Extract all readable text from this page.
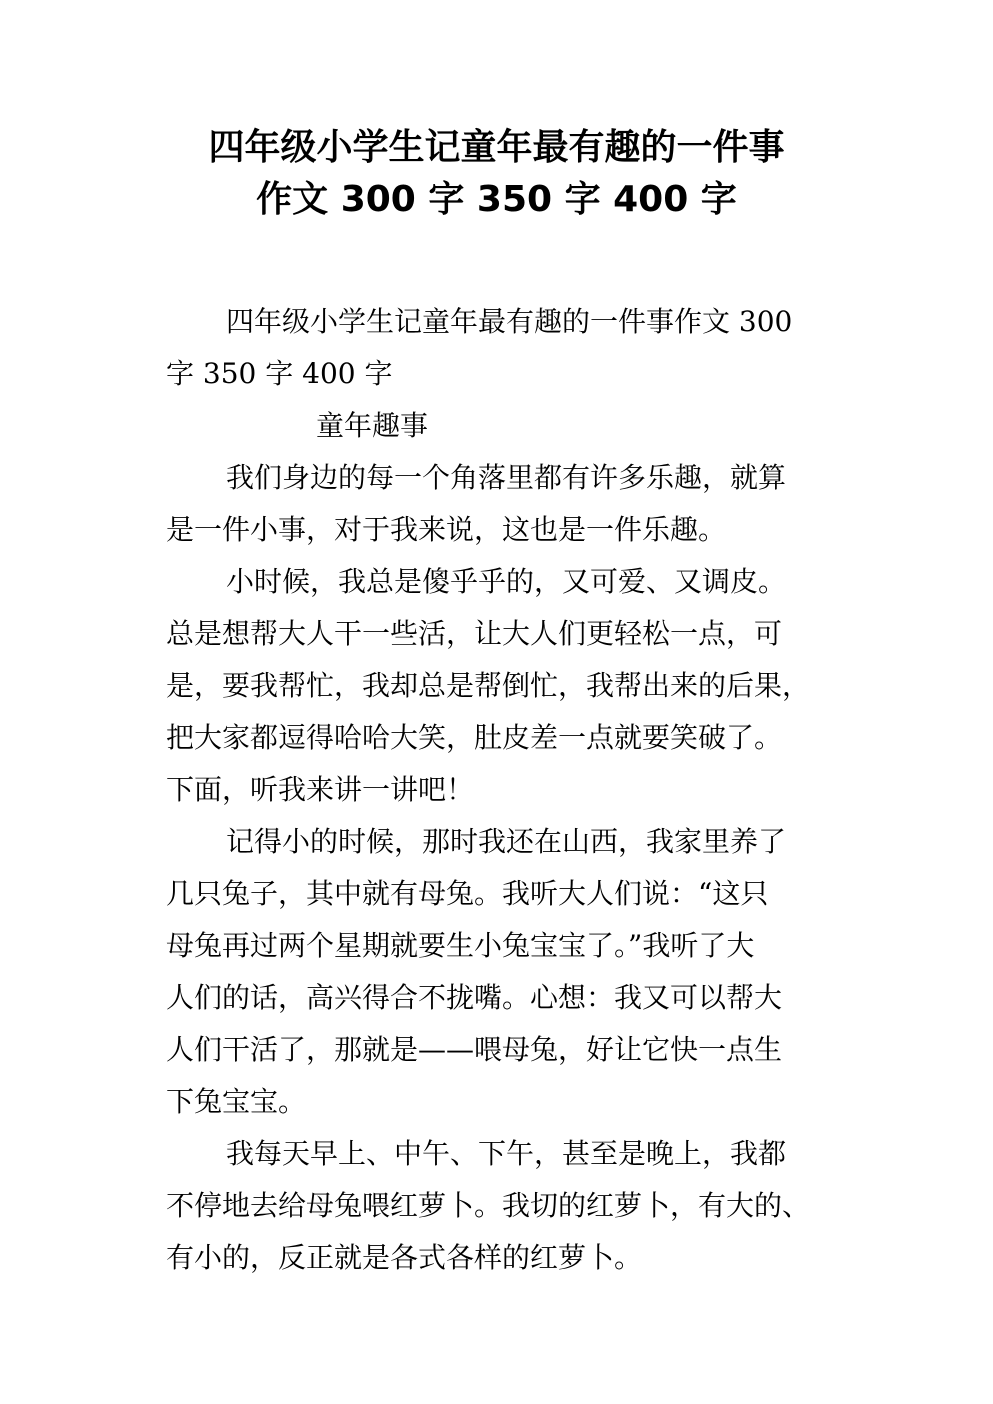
四年级小学生记童年最有趣的一件事
作文 300 字 350 字 400 字
四年级小学生记童年最有趣的一件事作文 300
字 350 字 400 字
童年趣事
我们身边的每一个角落里都有许多乐趣，就算
是一件小事，对于我来说，这也是一件乐趣。
小时候，我总是傻乎乎的，又可爱、又调皮。
总是想帮大人干一些活，让大人们更轻松一点，可
是，要我帮忙，我却总是帮倒忙，我帮出来的后果，
把大家都逗得哈哈大笑，肚皮差一点就要笑破了。
下面，听我来讲一讲吧！
记得小的时候，那时我还在山西，我家里养了
几只兔子，其中就有母兔。我听大人们说：“这只
母兔再过两个星期就要生小兔宝宝了。”我听了大
人们的话，高兴得合不拢嘴。心想：我又可以帮大
人们干活了，那就是——喂母兔，好让它快一点生
下兔宝宝。
我每天早上、中午、下午，甚至是晚上，我都
不停地去给母兔喂红萝卜。我切的红萝卜，有大的、
有小的，反正就是各式各样的红萝卜。
